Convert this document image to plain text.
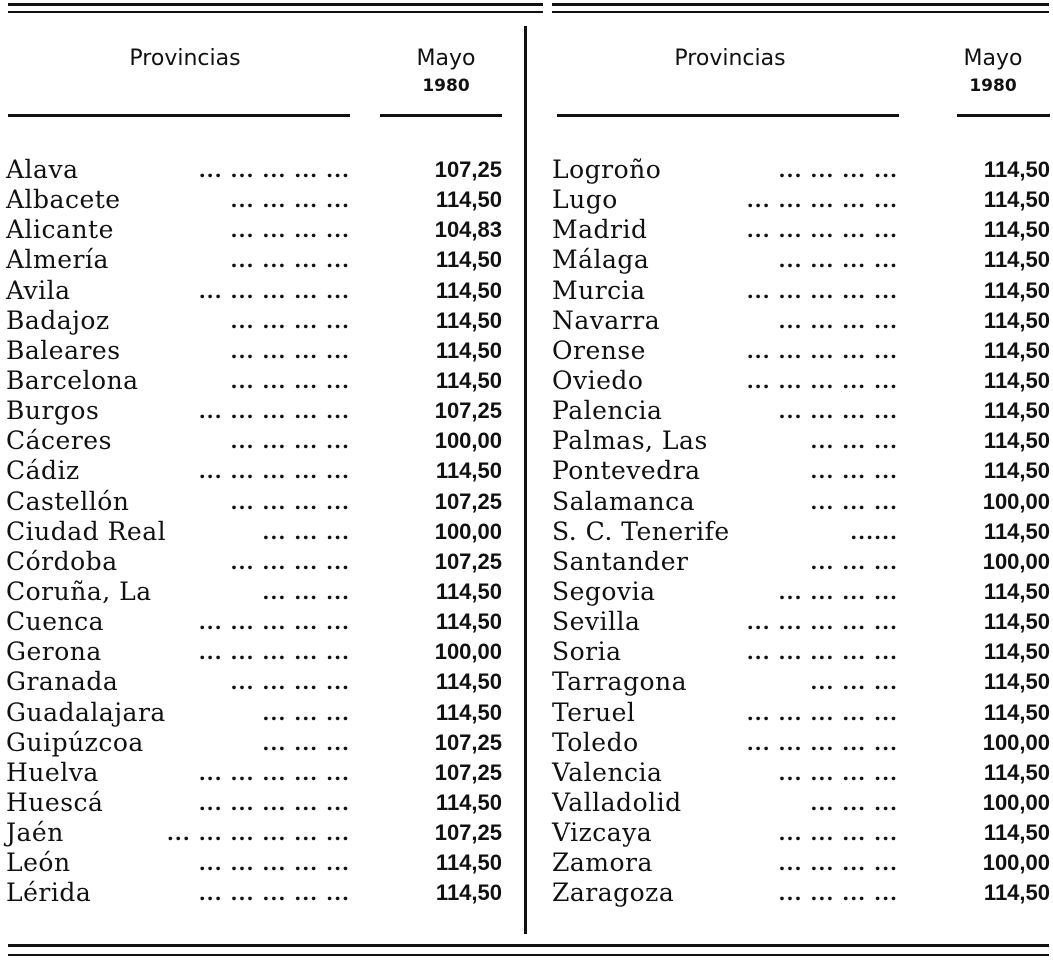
Provincias	Mayo
1980
Provincias	Mayo
1980
Alava	... ... ... ... ...	107,25
Albacete	... ... ... ...	114,50
Alicante	... ... ... ...	104,83
Almería	... ... ... ...	114,50
Avila	... ... ... ... ...	114,50
Badajoz	... ... ... ...	114,50
Baleares	... ... ... ...	114,50
Barcelona	... ... ... ...	114,50
Burgos	... ... ... ... ...	107,25
Cáceres	... ... ... ...	100,00
Cádiz	... ... ... ... ...	114,50
Castellón	... ... ... ...	107,25
Ciudad Real	... ... ...	100,00
Córdoba	... ... ... ...	107,25
Coruña, La	... ... ...	114,50
Cuenca	... ... ... ... ...	114,50
Gerona	... ... ... ... ...	100,00
Granada	... ... ... ...	114,50
Guadalajara	... ... ...	114,50
Guipúzcoa	... ... ...	107,25
Huelva	... ... ... ... ...	107,25
Huescá	... ... ... ... ...	114,50
Jaén	... ... ... ... ... ...	107,25
León	... ... ... ... ...	114,50
Lérida	... ... ... ... ...	114,50
Logroño	... ... ... ...	114,50
Lugo	... ... ... ... ...	114,50
Madrid	... ... ... ... ...	114,50
Málaga	... ... ... ...	114,50
Murcia	... ... ... ... ...	114,50
Navarra	... ... ... ...	114,50
Orense	... ... ... ... ...	114,50
Oviedo	... ... ... ... ...	114,50
Palencia	... ... ... ...	114,50
Palmas, Las	... ... ...	114,50
Pontevedra	... ... ...	114,50
Salamanca	... ... ...	100,00
S. C. Tenerife	......	114,50
Santander	... ... ...	100,00
Segovia	... ... ... ...	114,50
Sevilla	... ... ... ... ...	114,50
Soria	... ... ... ... ...	114,50
Tarragona	... ... ...	114,50
Teruel	... ... ... ... ...	114,50
Toledo	... ... ... ... ...	100,00
Valencia	... ... ... ...	114,50
Valladolid	... ... ...	100,00
Vizcaya	... ... ... ...	114,50
Zamora	... ... ... ...	100,00
Zaragoza	... ... ... ...	114,50
